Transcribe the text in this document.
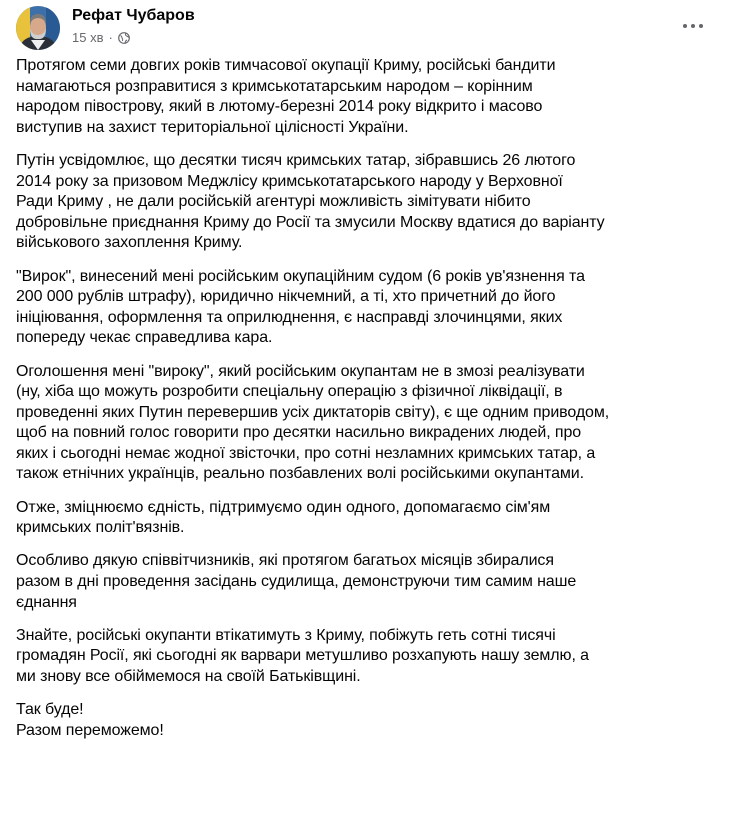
Рефат Чубаров
15 хв ·

Протягом семи довгих років тимчасової окупації Криму, російські бандити
намагаються розправитися з кримськотатарським народом – корінним
народом півострову, який в лютому-березні 2014 року відкрито і масово
виступив на захист територіальної цілісності України.

Путін усвідомлює, що десятки тисяч кримських татар, зібравшись 26 лютого
2014 року за призовом Меджлісу кримськотатарського народу у Верховної
Ради Криму , не дали російській агентурі можливість зімітувати нібито
добровільне приєднання Криму до Росії та змусили Москву вдатися до варіанту
військового захоплення Криму.

"Вирок", винесений мені російським окупаційним судом (6 років ув'язнення та
200 000 рублів штрафу), юридично нікчемний, а ті, хто причетний до його
ініціювання, оформлення та оприлюднення, є насправді злочинцями, яких
попереду чекає справедлива кара.

Оголошення мені "вироку", який російським окупантам не в змозі реалізувати
(ну, хіба що можуть розробити спеціальну операцію з фізичної ліквідації, в
проведенні яких Путин перевершив усіх диктаторів світу), є ще одним приводом,
щоб на повний голос говорити про десятки насильно викрадених людей, про
яких і сьогодні немає жодної звісточки, про сотні незламних кримських татар, а
також етнічних українців, реально позбавлених волі російськими окупантами.

Отже, зміцнюємо єдність, підтримуємо один одного, допомагаємо сім'ям
кримських політ'вязнів.

Особливо дякую співвітчизників, які протягом багатьох місяців збиралися
разом в дні проведення засідань судилища, демонструючи тим самим наше
єднання

Знайте, російські окупанти втікатимуть з Криму, побіжуть геть сотні тисячі
громадян Росії, які сьогодні як варвари метушливо розхапують нашу землю, а
ми знову все обіймемося на своїй Батьківщині.

Так буде!
Разом переможемо!
